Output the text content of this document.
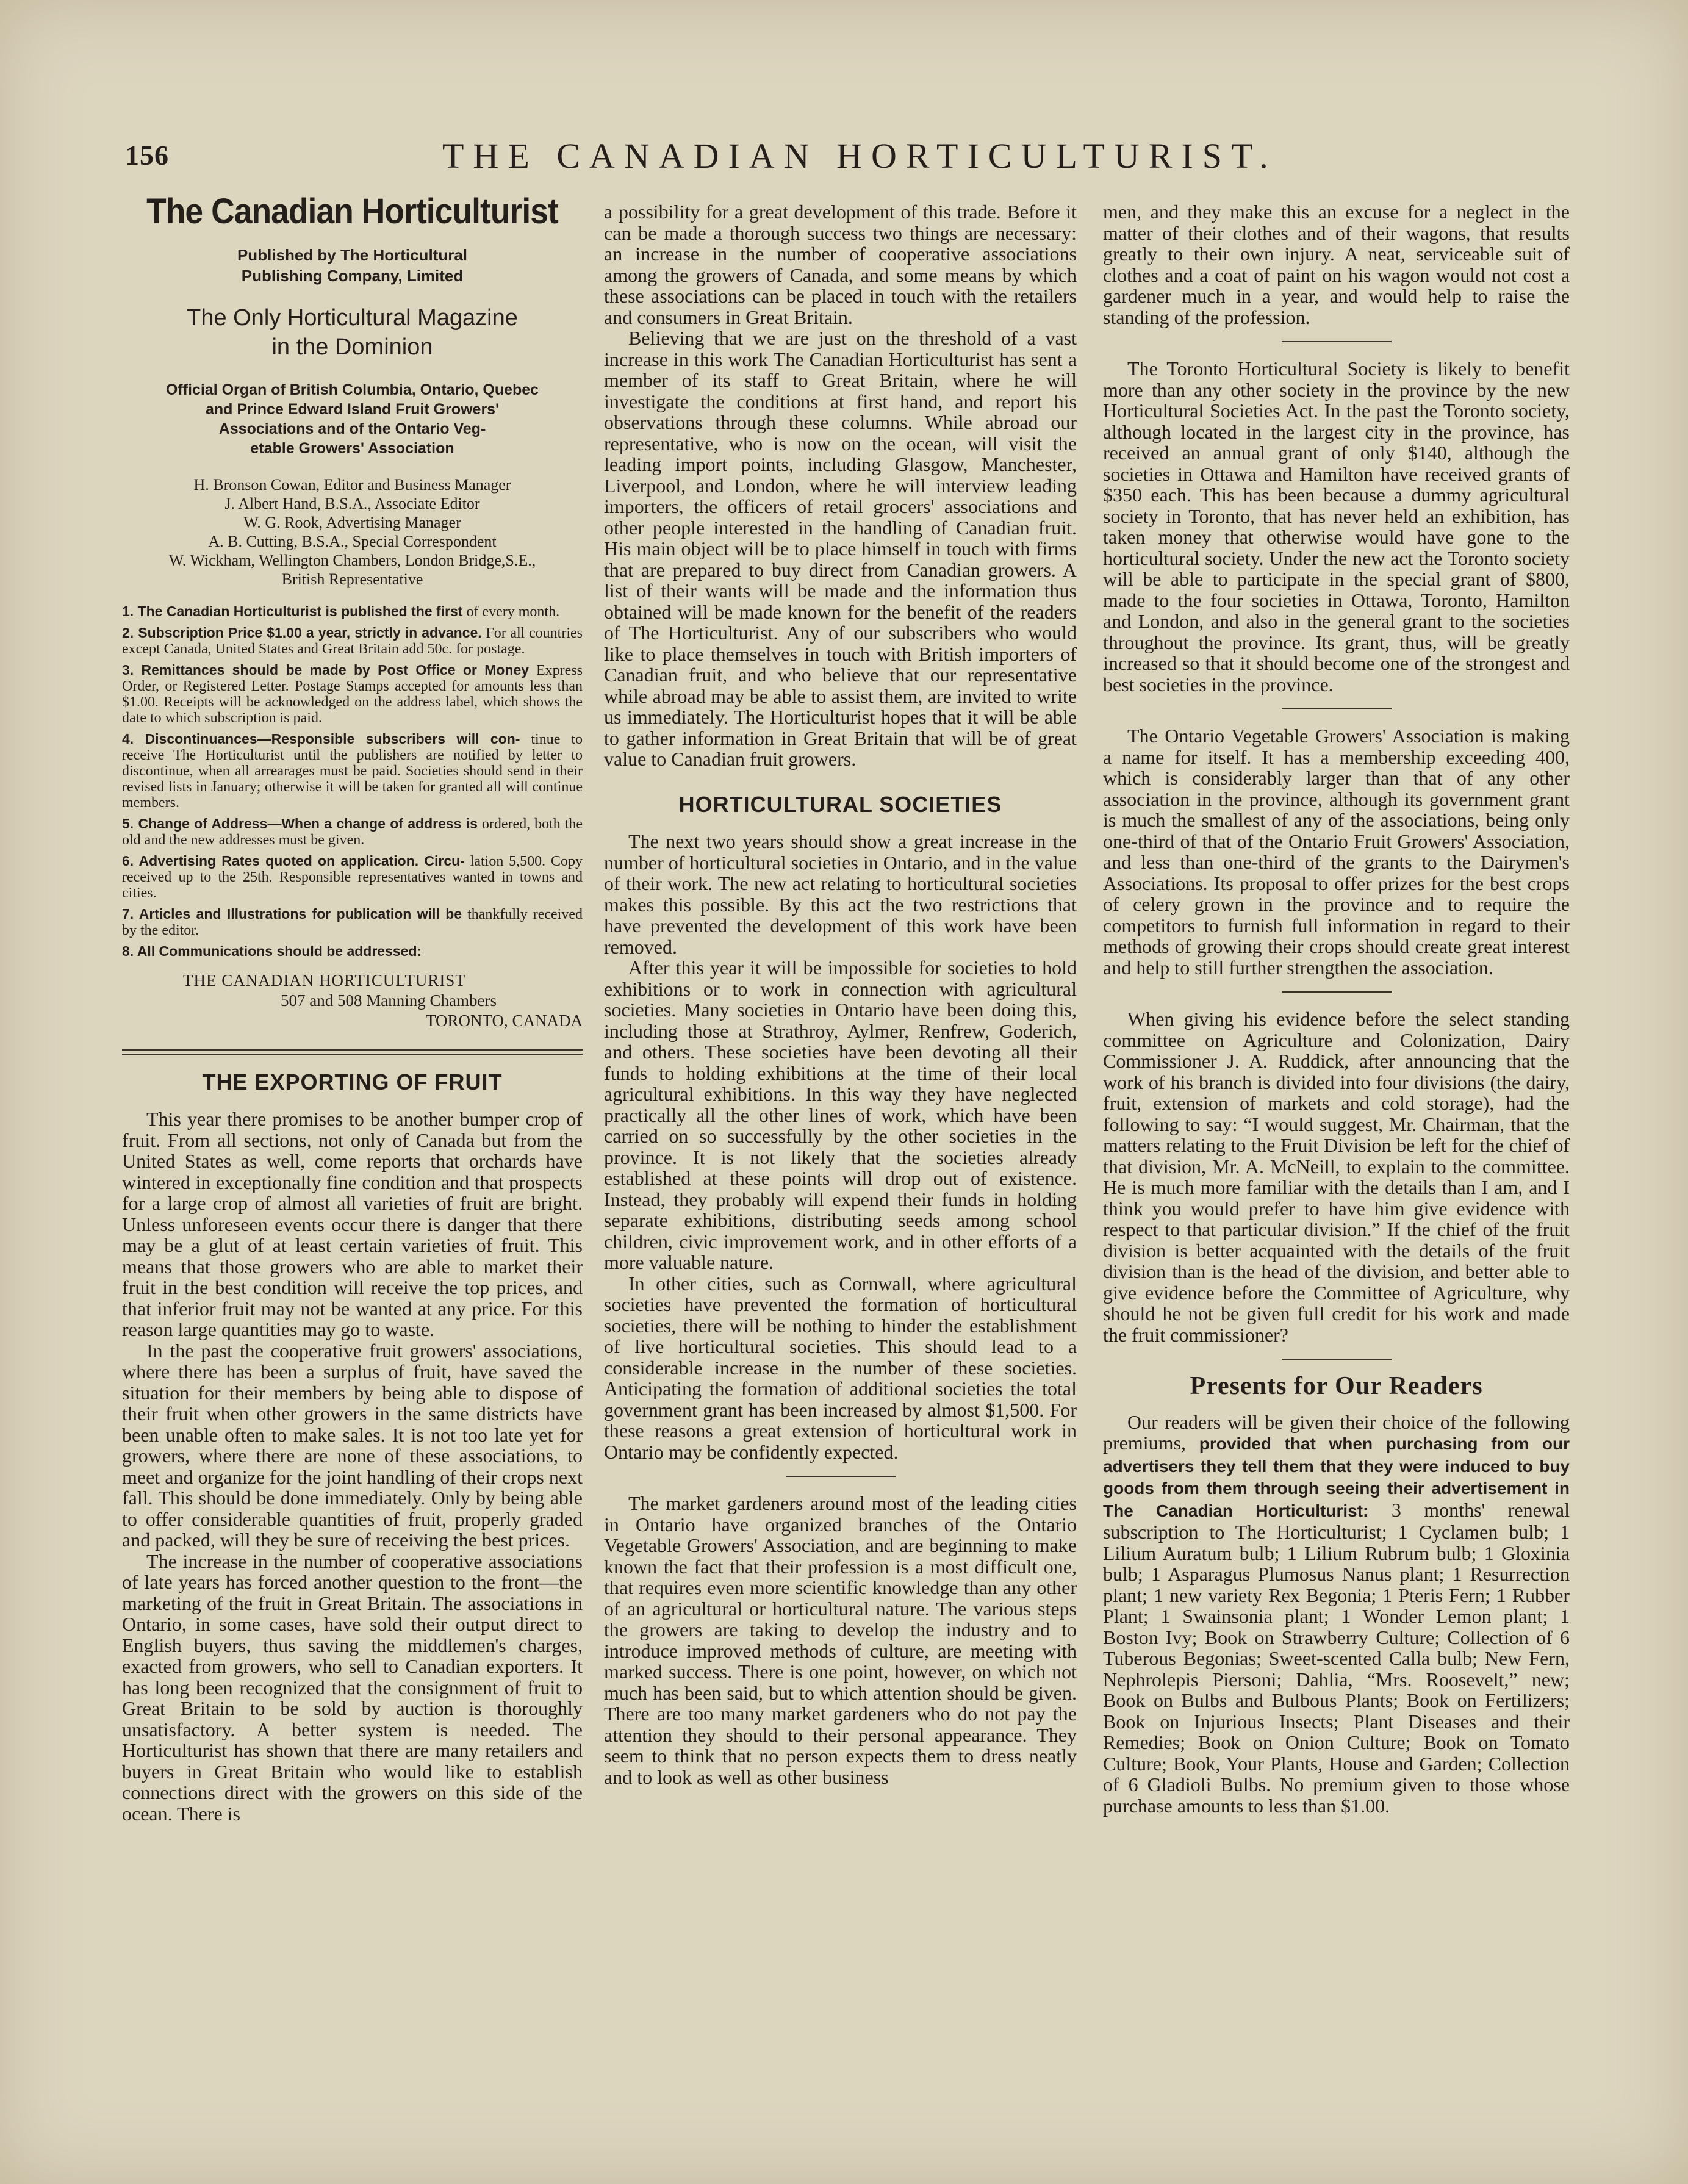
156	THE CANADIAN HORTICULTURIST.
The Canadian Horticulturist
Published by The Horticultural
Publishing Company, Limited
The Only Horticultural Magazine
in the Dominion
Official Organ of British Columbia, Ontario, Quebec
and Prince Edward Island Fruit Growers'
Associations and of the Ontario Veg-
etable Growers' Association
H. Bronson Cowan, Editor and Business Manager
J. Albert Hand, B.S.A., Associate Editor
W. G. Rook, Advertising Manager
A. B. Cutting, B.S.A., Special Correspondent
W. Wickham, Wellington Chambers, London Bridge,S.E.,
British Representative
1. The Canadian Horticulturist is published the first of every month.
2. Subscription Price $1.00 a year, strictly in advance. For all countries except Canada, United States and Great Britain add 50c. for postage.
3. Remittances should be made by Post Office or Money Express Order, or Registered Letter. Postage Stamps accepted for amounts less than $1.00. Receipts will be acknowledged on the address label, which shows the date to which subscription is paid.
4. Discontinuances—Responsible subscribers will con- tinue to receive The Horticulturist until the publishers are notified by letter to discontinue, when all arrearages must be paid. Societies should send in their revised lists in January; otherwise it will be taken for granted all will continue members.
5. Change of Address—When a change of address is ordered, both the old and the new addresses must be given.
6. Advertising Rates quoted on application. Circu- lation 5,500. Copy received up to the 25th. Responsible representatives wanted in towns and cities.
7. Articles and Illustrations for publication will be thankfully received by the editor.
8. All Communications should be addressed:
THE CANADIAN HORTICULTURIST
507 and 508 Manning Chambers
TORONTO, CANADA
THE EXPORTING OF FRUIT

This year there promises to be another bumper crop of fruit. From all sections, not only of Canada but from the United States as well, come reports that orchards have wintered in exceptionally fine condition and that prospects for a large crop of almost all varieties of fruit are bright. Unless unforeseen events occur there is danger that there may be a glut of at least certain varieties of fruit. This means that those growers who are able to market their fruit in the best condition will receive the top prices, and that inferior fruit may not be wanted at any price. For this reason large quantities may go to waste.

In the past the cooperative fruit growers' associations, where there has been a surplus of fruit, have saved the situation for their members by being able to dispose of their fruit when other growers in the same districts have been unable often to make sales. It is not too late yet for growers, where there are none of these associations, to meet and organize for the joint handling of their crops next fall. This should be done immediately. Only by being able to offer considerable quantities of fruit, properly graded and packed, will they be sure of receiving the best prices.

The increase in the number of cooperative associations of late years has forced another question to the front—the marketing of the fruit in Great Britain. The associations in Ontario, in some cases, have sold their output direct to English buyers, thus saving the middlemen's charges, exacted from growers, who sell to Canadian exporters. It has long been recognized that the consignment of fruit to Great Britain to be sold by auction is thoroughly unsatisfactory. A better system is needed. The Horticulturist has shown that there are many retailers and buyers in Great Britain who would like to establish connections direct with the growers on this side of the ocean. There is

a possibility for a great development of this trade. Before it can be made a thorough success two things are necessary: an increase in the number of cooperative associations among the growers of Canada, and some means by which these associations can be placed in touch with the retailers and consumers in Great Britain.

Believing that we are just on the threshold of a vast increase in this work The Canadian Horticulturist has sent a member of its staff to Great Britain, where he will investigate the conditions at first hand, and report his observations through these columns. While abroad our representative, who is now on the ocean, will visit the leading import points, including Glasgow, Manchester, Liverpool, and London, where he will interview leading importers, the officers of retail grocers' associations and other people interested in the handling of Canadian fruit. His main object will be to place himself in touch with firms that are prepared to buy direct from Canadian growers. A list of their wants will be made and the information thus obtained will be made known for the benefit of the readers of The Horticulturist. Any of our subscribers who would like to place themselves in touch with British importers of Canadian fruit, and who believe that our representative while abroad may be able to assist them, are invited to write us immediately. The Horticulturist hopes that it will be able to gather information in Great Britain that will be of great value to Canadian fruit growers.

HORTICULTURAL SOCIETIES

The next two years should show a great increase in the number of horticultural societies in Ontario, and in the value of their work. The new act relating to horticultural societies makes this possible. By this act the two restrictions that have prevented the development of this work have been removed.

After this year it will be impossible for societies to hold exhibitions or to work in connection with agricultural societies. Many societies in Ontario have been doing this, including those at Strathroy, Aylmer, Renfrew, Goderich, and others. These societies have been devoting all their funds to holding exhibitions at the time of their local agricultural exhibitions. In this way they have neglected practically all the other lines of work, which have been carried on so successfully by the other societies in the province. It is not likely that the societies already established at these points will drop out of existence. Instead, they probably will expend their funds in holding separate exhibitions, distributing seeds among school children, civic improvement work, and in other efforts of a more valuable nature.

In other cities, such as Cornwall, where agricultural societies have prevented the formation of horticultural societies, there will be nothing to hinder the establishment of live horticultural societies. This should lead to a considerable increase in the number of these societies. Anticipating the formation of additional societies the total government grant has been increased by almost $1,500. For these reasons a great extension of horticultural work in Ontario may be confidently expected.

The market gardeners around most of the leading cities in Ontario have organized branches of the Ontario Vegetable Growers' Association, and are beginning to make known the fact that their profession is a most difficult one, that requires even more scientific knowledge than any other of an agricultural or horticultural nature. The various steps the growers are taking to develop the industry and to introduce improved methods of culture, are meeting with marked success. There is one point, however, on which not much has been said, but to which attention should be given. There are too many market gardeners who do not pay the attention they should to their personal appearance. They seem to think that no person expects them to dress neatly and to look as well as other business

men, and they make this an excuse for a neglect in the matter of their clothes and of their wagons, that results greatly to their own injury. A neat, serviceable suit of clothes and a coat of paint on his wagon would not cost a gardener much in a year, and would help to raise the standing of the profession.

The Toronto Horticultural Society is likely to benefit more than any other society in the province by the new Horticultural Societies Act. In the past the Toronto society, although located in the largest city in the province, has received an annual grant of only $140, although the societies in Ottawa and Hamilton have received grants of $350 each. This has been because a dummy agricultural society in Toronto, that has never held an exhibition, has taken money that otherwise would have gone to the horticultural society. Under the new act the Toronto society will be able to participate in the special grant of $800, made to the four societies in Ottawa, Toronto, Hamilton and London, and also in the general grant to the societies throughout the province. Its grant, thus, will be greatly increased so that it should become one of the strongest and best societies in the province.

The Ontario Vegetable Growers' Association is making a name for itself. It has a membership exceeding 400, which is considerably larger than that of any other association in the province, although its government grant is much the smallest of any of the associations, being only one-third of that of the Ontario Fruit Growers' Association, and less than one-third of the grants to the Dairymen's Associations. Its proposal to offer prizes for the best crops of celery grown in the province and to require the competitors to furnish full information in regard to their methods of growing their crops should create great interest and help to still further strengthen the association.

When giving his evidence before the select standing committee on Agriculture and Colonization, Dairy Commissioner J. A. Ruddick, after announcing that the work of his branch is divided into four divisions (the dairy, fruit, extension of markets and cold storage), had the following to say: “I would suggest, Mr. Chairman, that the matters relating to the Fruit Division be left for the chief of that division, Mr. A. McNeill, to explain to the committee. He is much more familiar with the details than I am, and I think you would prefer to have him give evidence with respect to that particular division.” If the chief of the fruit division is better acquainted with the details of the fruit division than is the head of the division, and better able to give evidence before the Committee of Agriculture, why should he not be given full credit for his work and made the fruit commissioner?

Presents for Our Readers

Our readers will be given their choice of the following premiums, provided that when purchasing from our advertisers they tell them that they were induced to buy goods from them through seeing their advertisement in The Canadian Horticulturist: 3 months' renewal subscription to The Horticulturist; 1 Cyclamen bulb; 1 Lilium Auratum bulb; 1 Lilium Rubrum bulb; 1 Gloxinia bulb; 1 Asparagus Plumosus Nanus plant; 1 Resurrection plant; 1 new variety Rex Begonia; 1 Pteris Fern; 1 Rubber Plant; 1 Swainsonia plant; 1 Wonder Lemon plant; 1 Boston Ivy; Book on Strawberry Culture; Collection of 6 Tuberous Begonias; Sweet-scented Calla bulb; New Fern, Nephrolepis Piersoni; Dahlia, “Mrs. Roosevelt,” new; Book on Bulbs and Bulbous Plants; Book on Fertilizers; Book on Injurious Insects; Plant Diseases and their Remedies; Book on Onion Culture; Book on Tomato Culture; Book, Your Plants, House and Garden; Collection of 6 Gladioli Bulbs. No premium given to those whose purchase amounts to less than $1.00.
